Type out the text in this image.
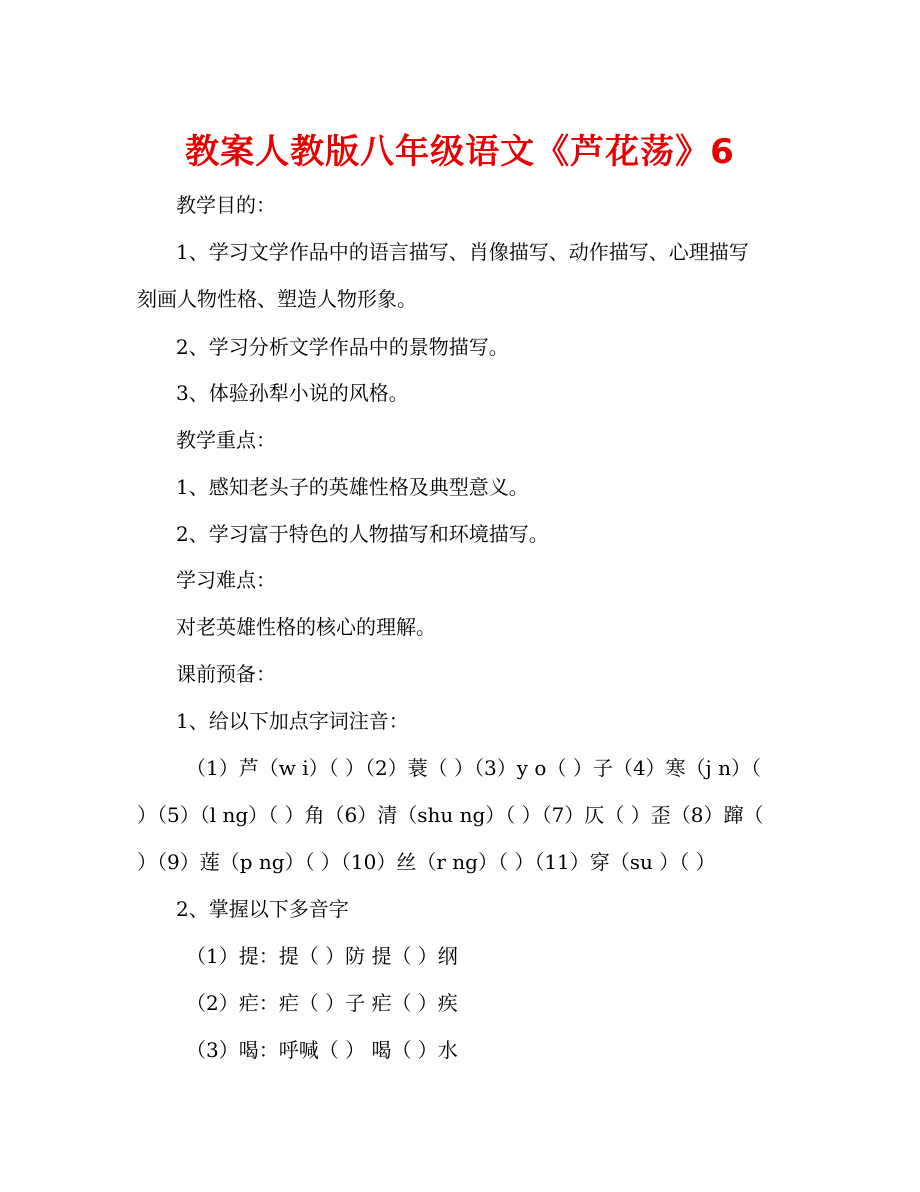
教案人教版八年级语文《芦花荡》6
教学目的：
1、学习文学作品中的语言描写、肖像描写、动作描写、心理描写
刻画人物性格、塑造人物形象。
2、学习分析文学作品中的景物描写。
3、体验孙犁小说的风格。
教学重点：
1、感知老头子的英雄性格及典型意义。
2、学习富于特色的人物描写和环境描写。
学习难点：
对老英雄性格的核心的理解。
课前预备：
1、给以下加点字词注音：
（1）芦（w i）（ ）（2）蓑（ ）（3）y o（ ）子（4）寒（j n）（
）（5）（l ng）（ ）角（6）清（shu ng）（ ）（7）仄（ ）歪（8）蹿（
）（9）莲（p ng）（ ）（10）丝（r ng）（ ）（11）穿（su ）（ ）
2、掌握以下多音字
（1）提：提（ ）防 提（ ）纲
（2）疟：疟（ ）子 疟（ ）疾
（3）喝：呼喊（ ） 喝（ ）水
